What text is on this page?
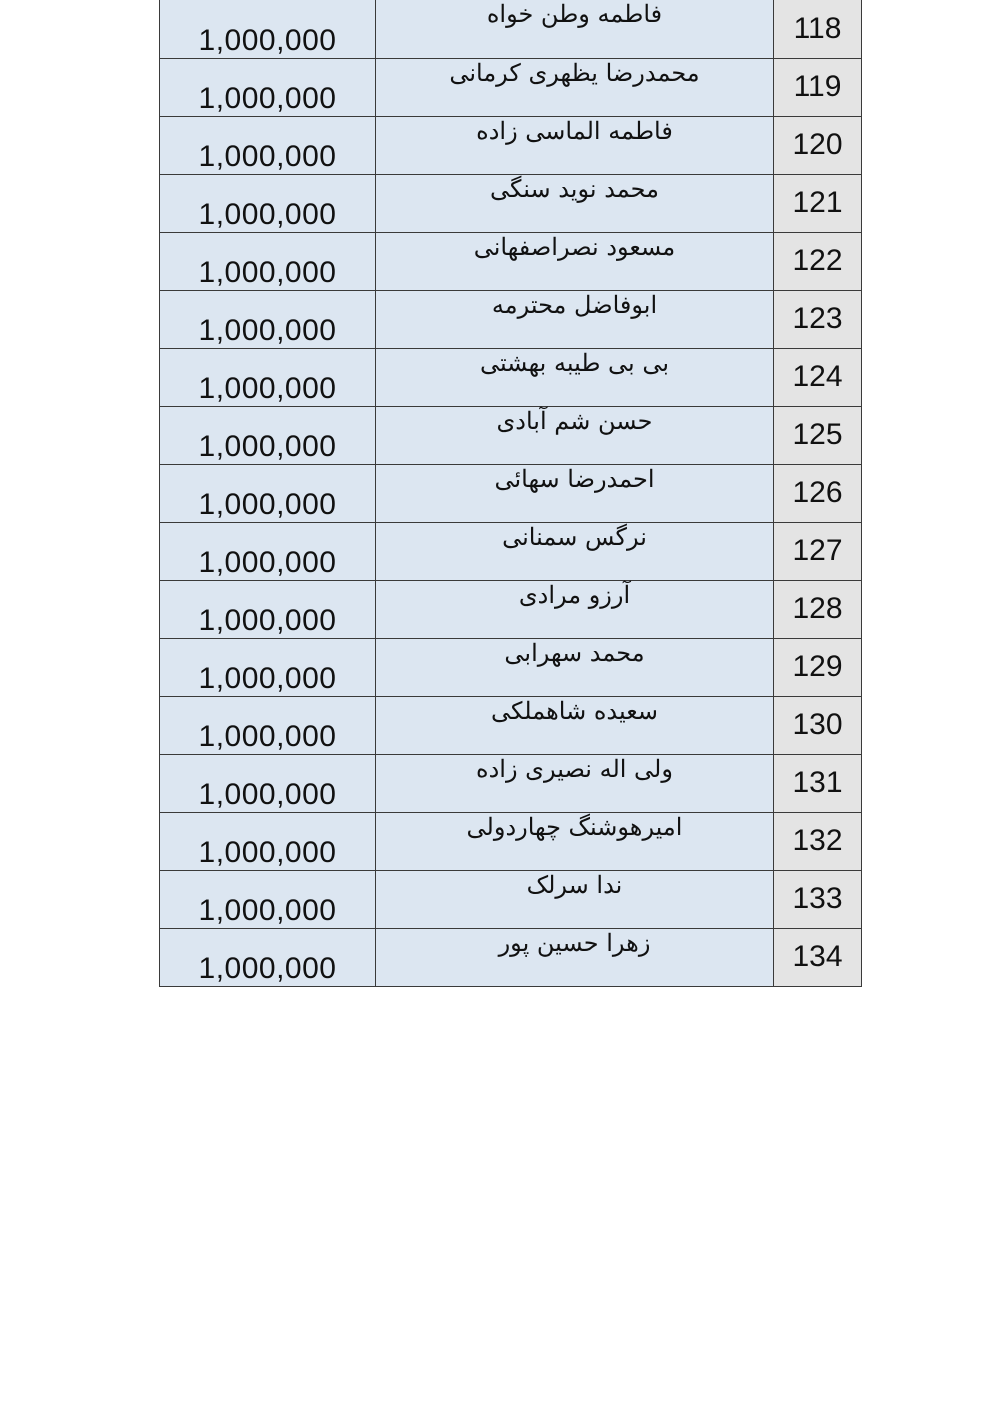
1,000,000	فاطمه وطن خواه	118
1,000,000	محمدرضا یظهری کرمانی	119
1,000,000	فاطمه الماسی زاده	120
1,000,000	محمد نوید سنگی	121
1,000,000	مسعود نصراصفهانی	122
1,000,000	ابوفاضل محترمه	123
1,000,000	بی بی طیبه بهشتی	124
1,000,000	حسن شم آبادی	125
1,000,000	احمدرضا سهائی	126
1,000,000	نرگس سمنانی	127
1,000,000	آرزو مرادی	128
1,000,000	محمد سهرابی	129
1,000,000	سعیده شاهملکی	130
1,000,000	ولی اله نصیری زاده	131
1,000,000	امیرهوشنگ چهاردولی	132
1,000,000	ندا سرلک	133
1,000,000	زهرا حسین پور	134
